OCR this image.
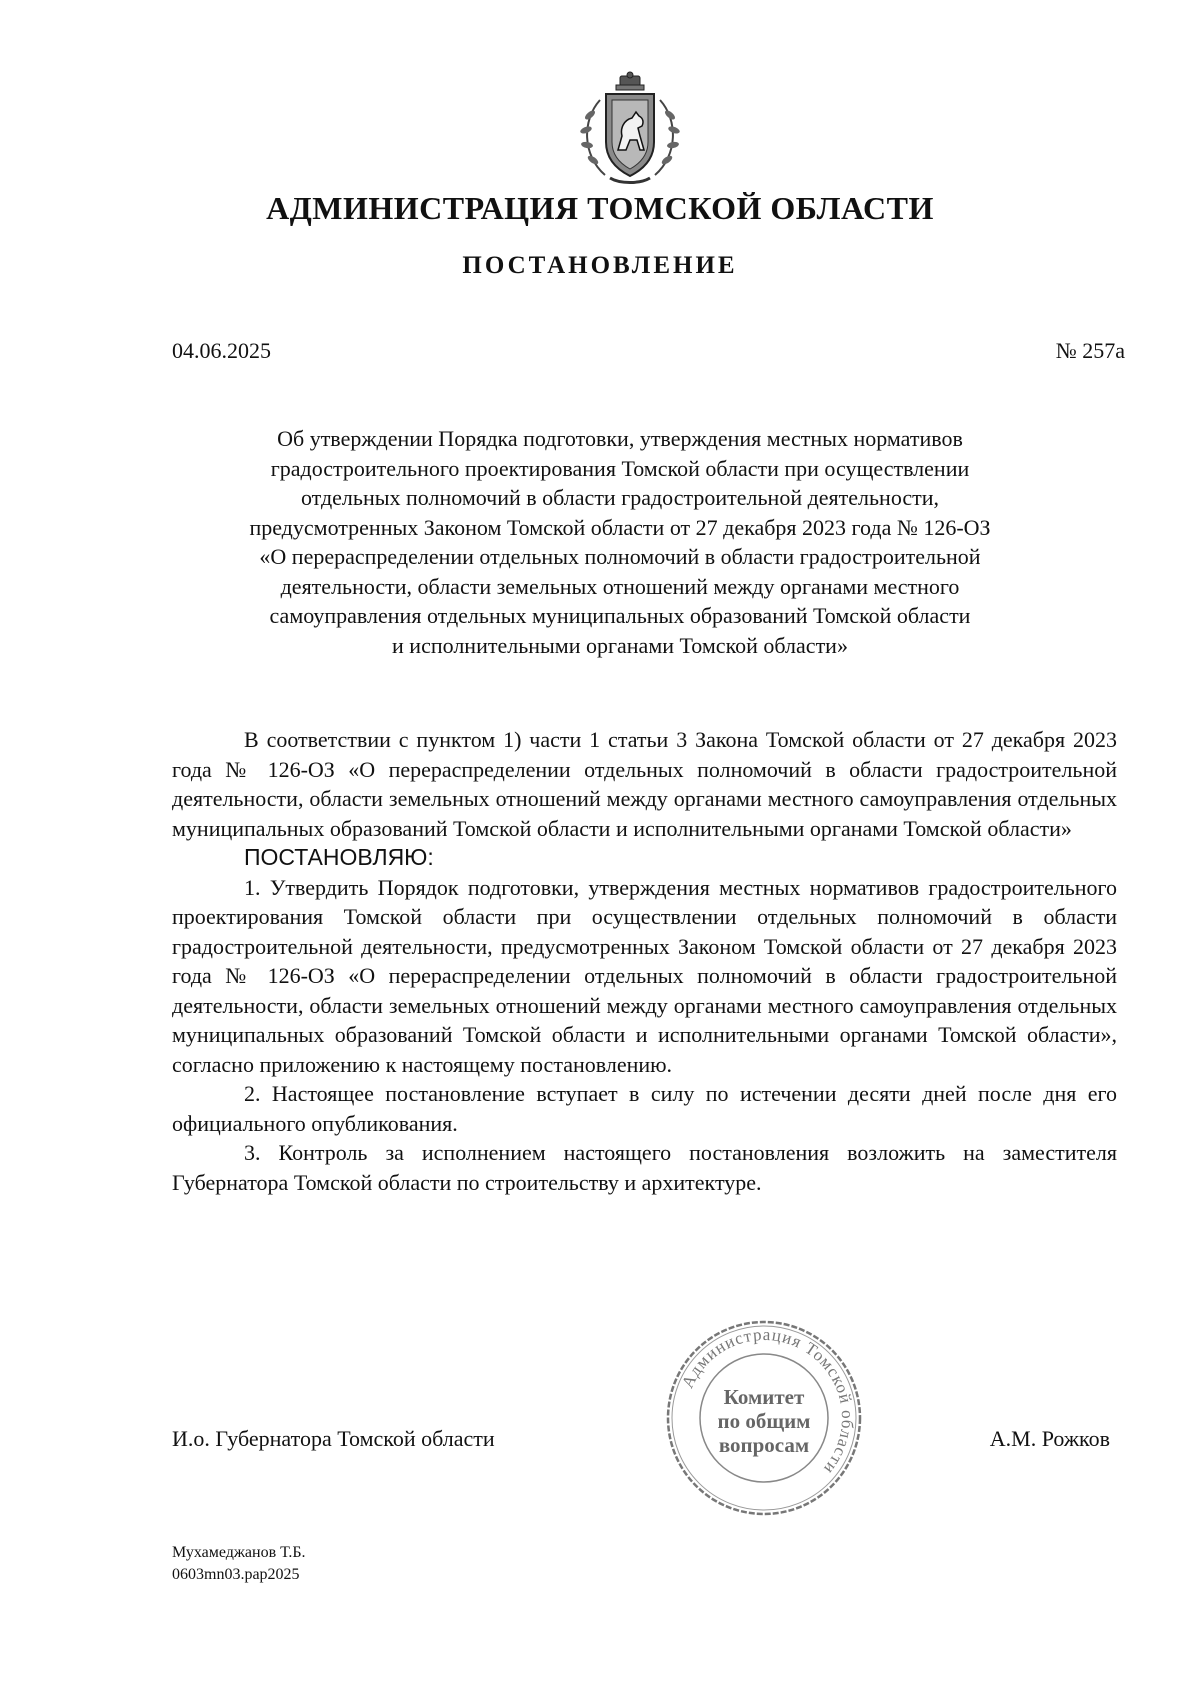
АДМИНИСТРАЦИЯ ТОМСКОЙ ОБЛАСТИ
ПОСТАНОВЛЕНИЕ
04.06.2025	№ 257а
Об утверждении Порядка подготовки, утверждения местных нормативов
градостроительного проектирования Томской области при осуществлении
отдельных полномочий в области градостроительной деятельности,
предусмотренных Законом Томской области от 27 декабря 2023 года № 126-ОЗ
«О перераспределении отдельных полномочий в области градостроительной
деятельности, области земельных отношений между органами местного
самоуправления отдельных муниципальных образований Томской области
и исполнительными органами Томской области»

В соответствии с пунктом 1) части 1 статьи 3 Закона Томской области от 27 декабря 2023 года № 126-ОЗ «О перераспределении отдельных полномочий в области градостроительной деятельности, области земельных отношений между органами местного самоуправления отдельных муниципальных образований Томской области и исполнительными органами Томской области»

ПОСТАНОВЛЯЮ:

1. Утвердить Порядок подготовки, утверждения местных нормативов градостроительного проектирования Томской области при осуществлении отдельных полномочий в области градостроительной деятельности, предусмотренных Законом Томской области от 27 декабря 2023 года № 126-ОЗ «О перераспределении отдельных полномочий в области градостроительной деятельности, области земельных отношений между органами местного самоуправления отдельных муниципальных образований Томской области и исполнительными органами Томской области», согласно приложению к настоящему постановлению.

2. Настоящее постановление вступает в силу по истечении десяти дней после дня его официального опубликования.

3. Контроль за исполнением настоящего постановления возложить на заместителя Губернатора Томской области по строительству и архитектуре.

И.о. Губернатора Томской области
Администрация Томской области
Комитет
по общим
вопросам	А.М. Рожков
Мухамеджанов Т.Б.
0603mn03.pap2025
